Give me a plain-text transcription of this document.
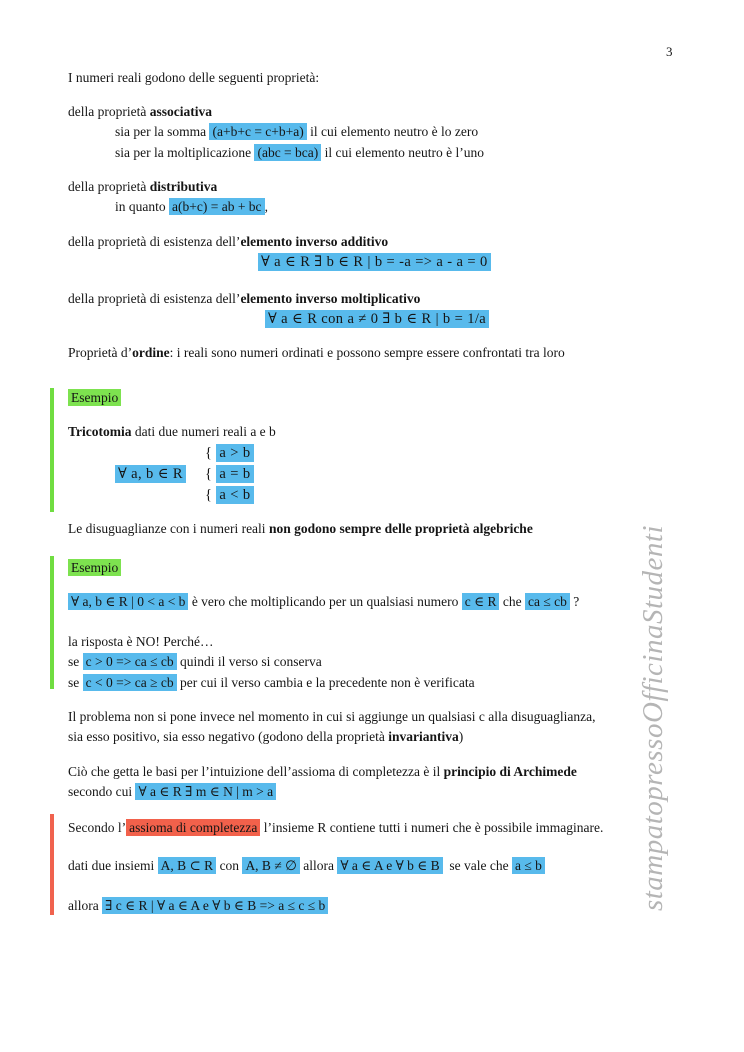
3
stampatopressoOfficinaStudenti
I numeri reali godono delle seguenti proprietà:
della proprietà associativa
sia per la somma (a+b+c = c+b+a) il cui elemento neutro è lo zero
sia per la moltiplicazione (abc = bca) il cui elemento neutro è l’uno
della proprietà distributiva
in quanto a(b+c) = ab + bc ,
della proprietà di esistenza dell’elemento inverso additivo
∀ a ∈ R ∃ b ∈ R | b = -a => a - a = 0
della proprietà di esistenza dell’elemento inverso moltiplicativo
∀ a ∈ R con a ≠ 0 ∃ b ∈ R | b = 1/a
Proprietà d’ordine: i reali sono numeri ordinati e possono sempre essere confrontati tra loro
Esempio
Tricotomia dati due numeri reali a e b
∀ a, b ∈ R
{ a > b
{ a = b
{ a < b
Le disuguaglianze con i numeri reali non godono sempre delle proprietà algebriche
Esempio
∀ a, b ∈ R | 0 < a < b è vero che moltiplicando per un qualsiasi numero c ∈ R che ca ≤ cb ?
la risposta è NO! Perché…
se c > 0 => ca ≤ cb quindi il verso si conserva
se c < 0 => ca ≥ cb per cui il verso cambia e la precedente non è verificata
Il problema non si pone invece nel momento in cui si aggiunge un qualsiasi c alla disuguaglianza,
sia esso positivo, sia esso negativo (godono della proprietà invariantiva)
Ciò che getta le basi per l’intuizione dell’assioma di completezza è il principio di Archimede
secondo cui ∀ a ∈ R ∃ m ∈ N | m > a
Secondo l’ assioma di completezza l’insieme R contiene tutti i numeri che è possibile immaginare.
dati due insiemi A, B ⊂ R con A, B ≠ ∅ allora ∀ a ∈ A e ∀ b ∈ B  se vale che a ≤ b
allora ∃ c ∈ R | ∀ a ∈ A e ∀ b ∈ B => a ≤ c ≤ b
